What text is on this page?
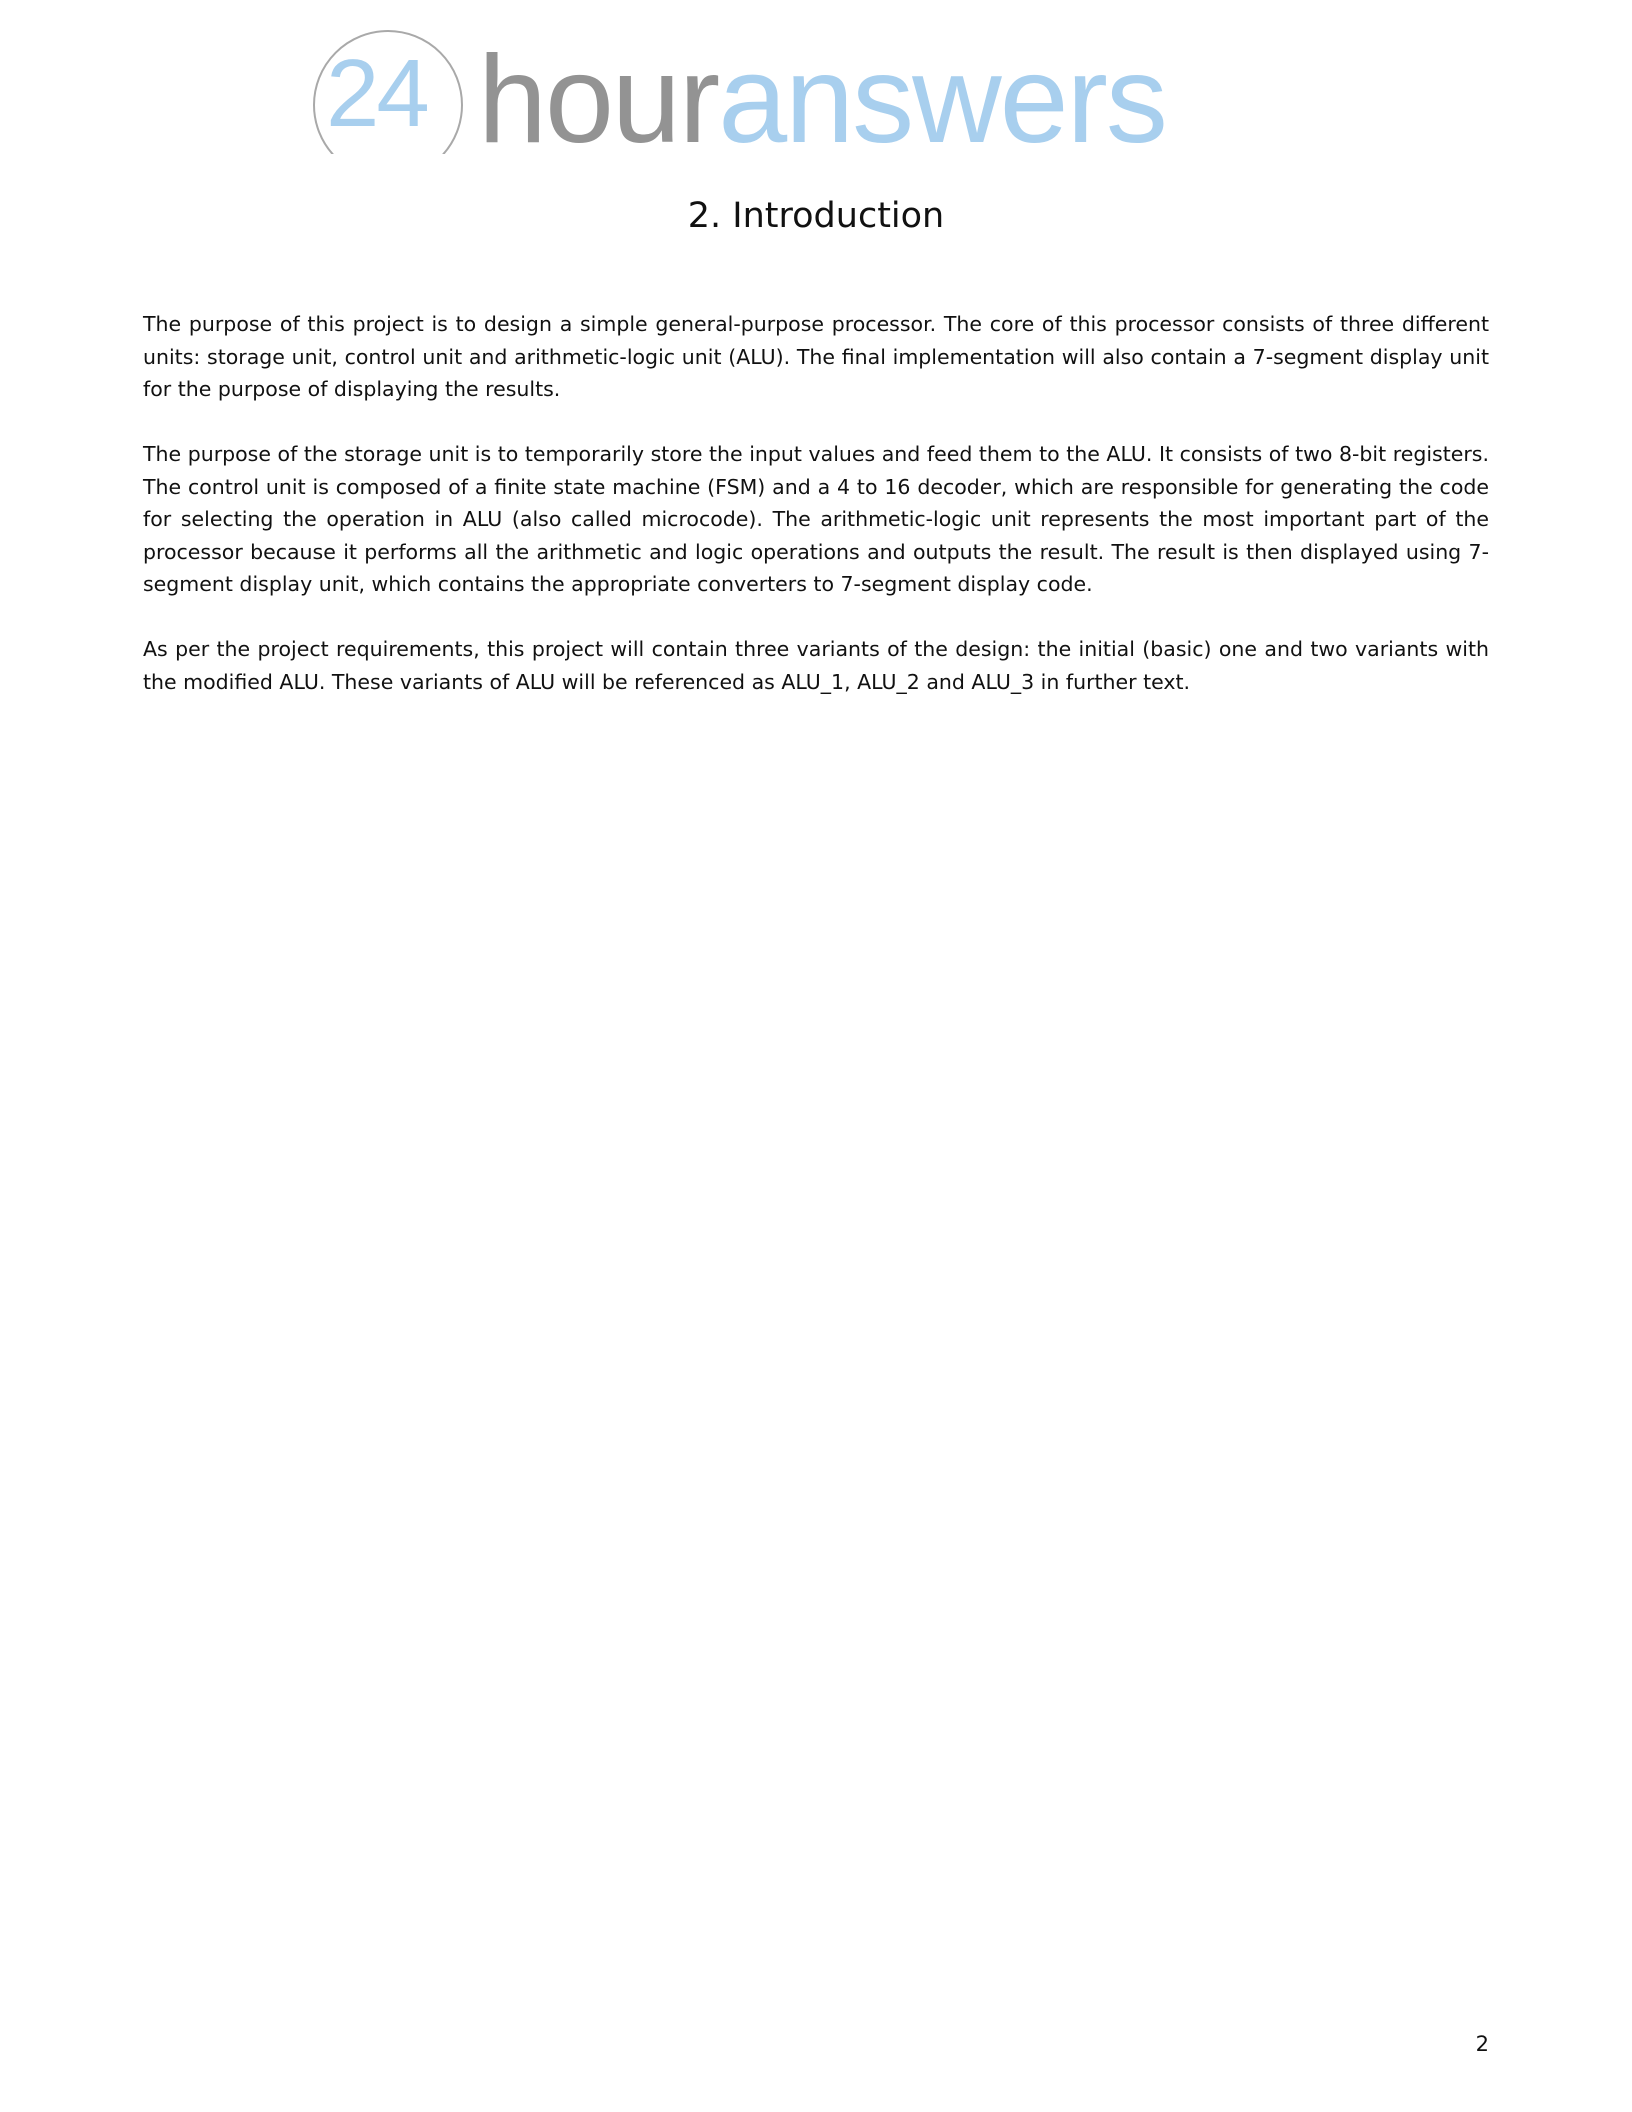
24 houranswers
2. Introduction

The purpose of this project is to design a simple general-purpose processor. The core of this processor consists of three different units: storage unit, control unit and arithmetic-logic unit (ALU). The final implementation will also contain a 7-segment display unit for the purpose of displaying the results.

The purpose of the storage unit is to temporarily store the input values and feed them to the ALU. It consists of two 8-bit registers. The control unit is composed of a finite state machine (FSM) and a 4 to 16 decoder, which are responsible for generating the code for selecting the operation in ALU (also called microcode). The arithmetic-logic unit represents the most important part of the processor because it performs all the arithmetic and logic operations and outputs the result. The result is then displayed using 7-segment display unit, which contains the appropriate converters to 7-segment display code.

As per the project requirements, this project will contain three variants of the design: the initial (basic) one and two variants with the modified ALU. These variants of ALU will be referenced as ALU_1, ALU_2 and ALU_3 in further text.

2
